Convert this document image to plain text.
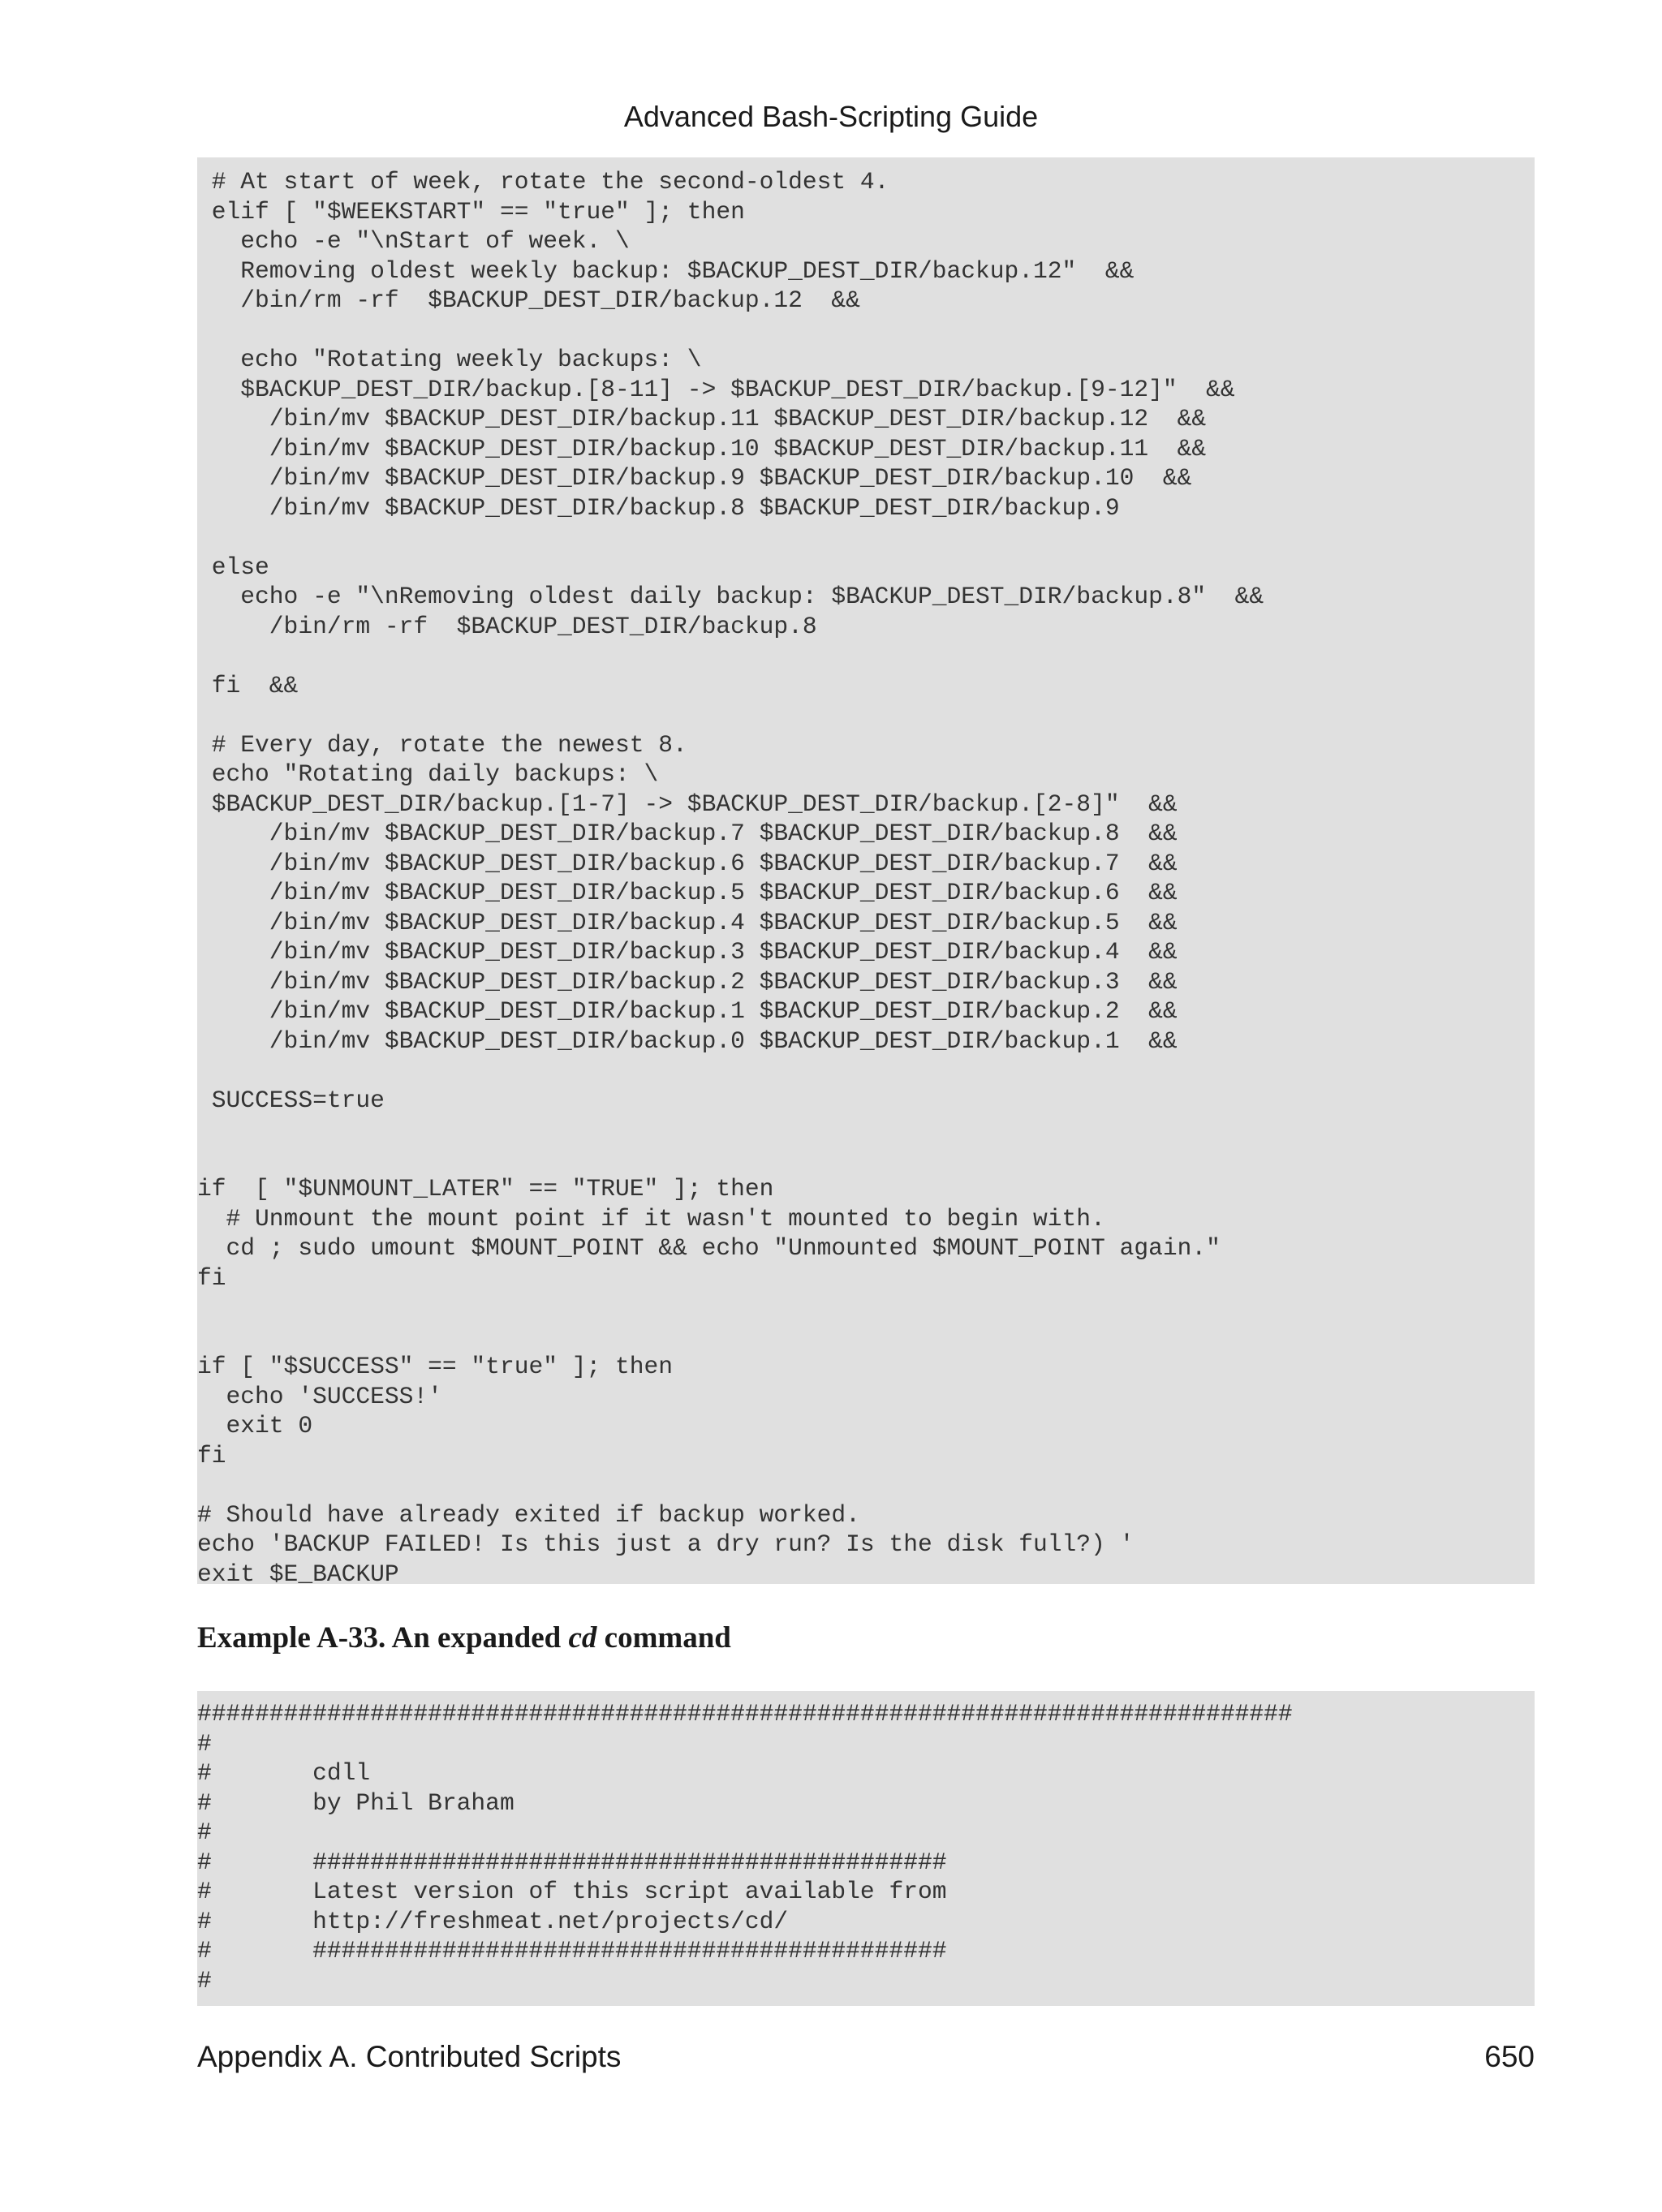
Advanced Bash-Scripting Guide
# At start of week, rotate the second-oldest 4.
elif [ "$WEEKSTART" == "true" ]; then
echo -e "\nStart of week. \
Removing oldest weekly backup: $BACKUP_DEST_DIR/backup.12"  &&
/bin/rm -rf  $BACKUP_DEST_DIR/backup.12  &&
echo "Rotating weekly backups: \
$BACKUP_DEST_DIR/backup.[8-11] -> $BACKUP_DEST_DIR/backup.[9-12]"  &&
/bin/mv $BACKUP_DEST_DIR/backup.11 $BACKUP_DEST_DIR/backup.12  &&
/bin/mv $BACKUP_DEST_DIR/backup.10 $BACKUP_DEST_DIR/backup.11  &&
/bin/mv $BACKUP_DEST_DIR/backup.9 $BACKUP_DEST_DIR/backup.10  &&
/bin/mv $BACKUP_DEST_DIR/backup.8 $BACKUP_DEST_DIR/backup.9
else
echo -e "\nRemoving oldest daily backup: $BACKUP_DEST_DIR/backup.8"  &&
/bin/rm -rf  $BACKUP_DEST_DIR/backup.8
fi  &&
# Every day, rotate the newest 8.
echo "Rotating daily backups: \
$BACKUP_DEST_DIR/backup.[1-7] -> $BACKUP_DEST_DIR/backup.[2-8]"  &&
/bin/mv $BACKUP_DEST_DIR/backup.7 $BACKUP_DEST_DIR/backup.8  &&
/bin/mv $BACKUP_DEST_DIR/backup.6 $BACKUP_DEST_DIR/backup.7  &&
/bin/mv $BACKUP_DEST_DIR/backup.5 $BACKUP_DEST_DIR/backup.6  &&
/bin/mv $BACKUP_DEST_DIR/backup.4 $BACKUP_DEST_DIR/backup.5  &&
/bin/mv $BACKUP_DEST_DIR/backup.3 $BACKUP_DEST_DIR/backup.4  &&
/bin/mv $BACKUP_DEST_DIR/backup.2 $BACKUP_DEST_DIR/backup.3  &&
/bin/mv $BACKUP_DEST_DIR/backup.1 $BACKUP_DEST_DIR/backup.2  &&
/bin/mv $BACKUP_DEST_DIR/backup.0 $BACKUP_DEST_DIR/backup.1  &&
SUCCESS=true
if  [ "$UNMOUNT_LATER" == "TRUE" ]; then
# Unmount the mount point if it wasn't mounted to begin with.
cd ; sudo umount $MOUNT_POINT && echo "Unmounted $MOUNT_POINT again."
fi
if [ "$SUCCESS" == "true" ]; then
echo 'SUCCESS!'
exit 0
fi
# Should have already exited if backup worked.
echo 'BACKUP FAILED! Is this just a dry run? Is the disk full?) '
exit $E_BACKUP
Example A-33. An expanded cd command
############################################################################
#
#       cdll
#       by Phil Braham
#
#       ############################################
#       Latest version of this script available from
#       http://freshmeat.net/projects/cd/
#       ############################################
#
Appendix A. Contributed Scripts	650
